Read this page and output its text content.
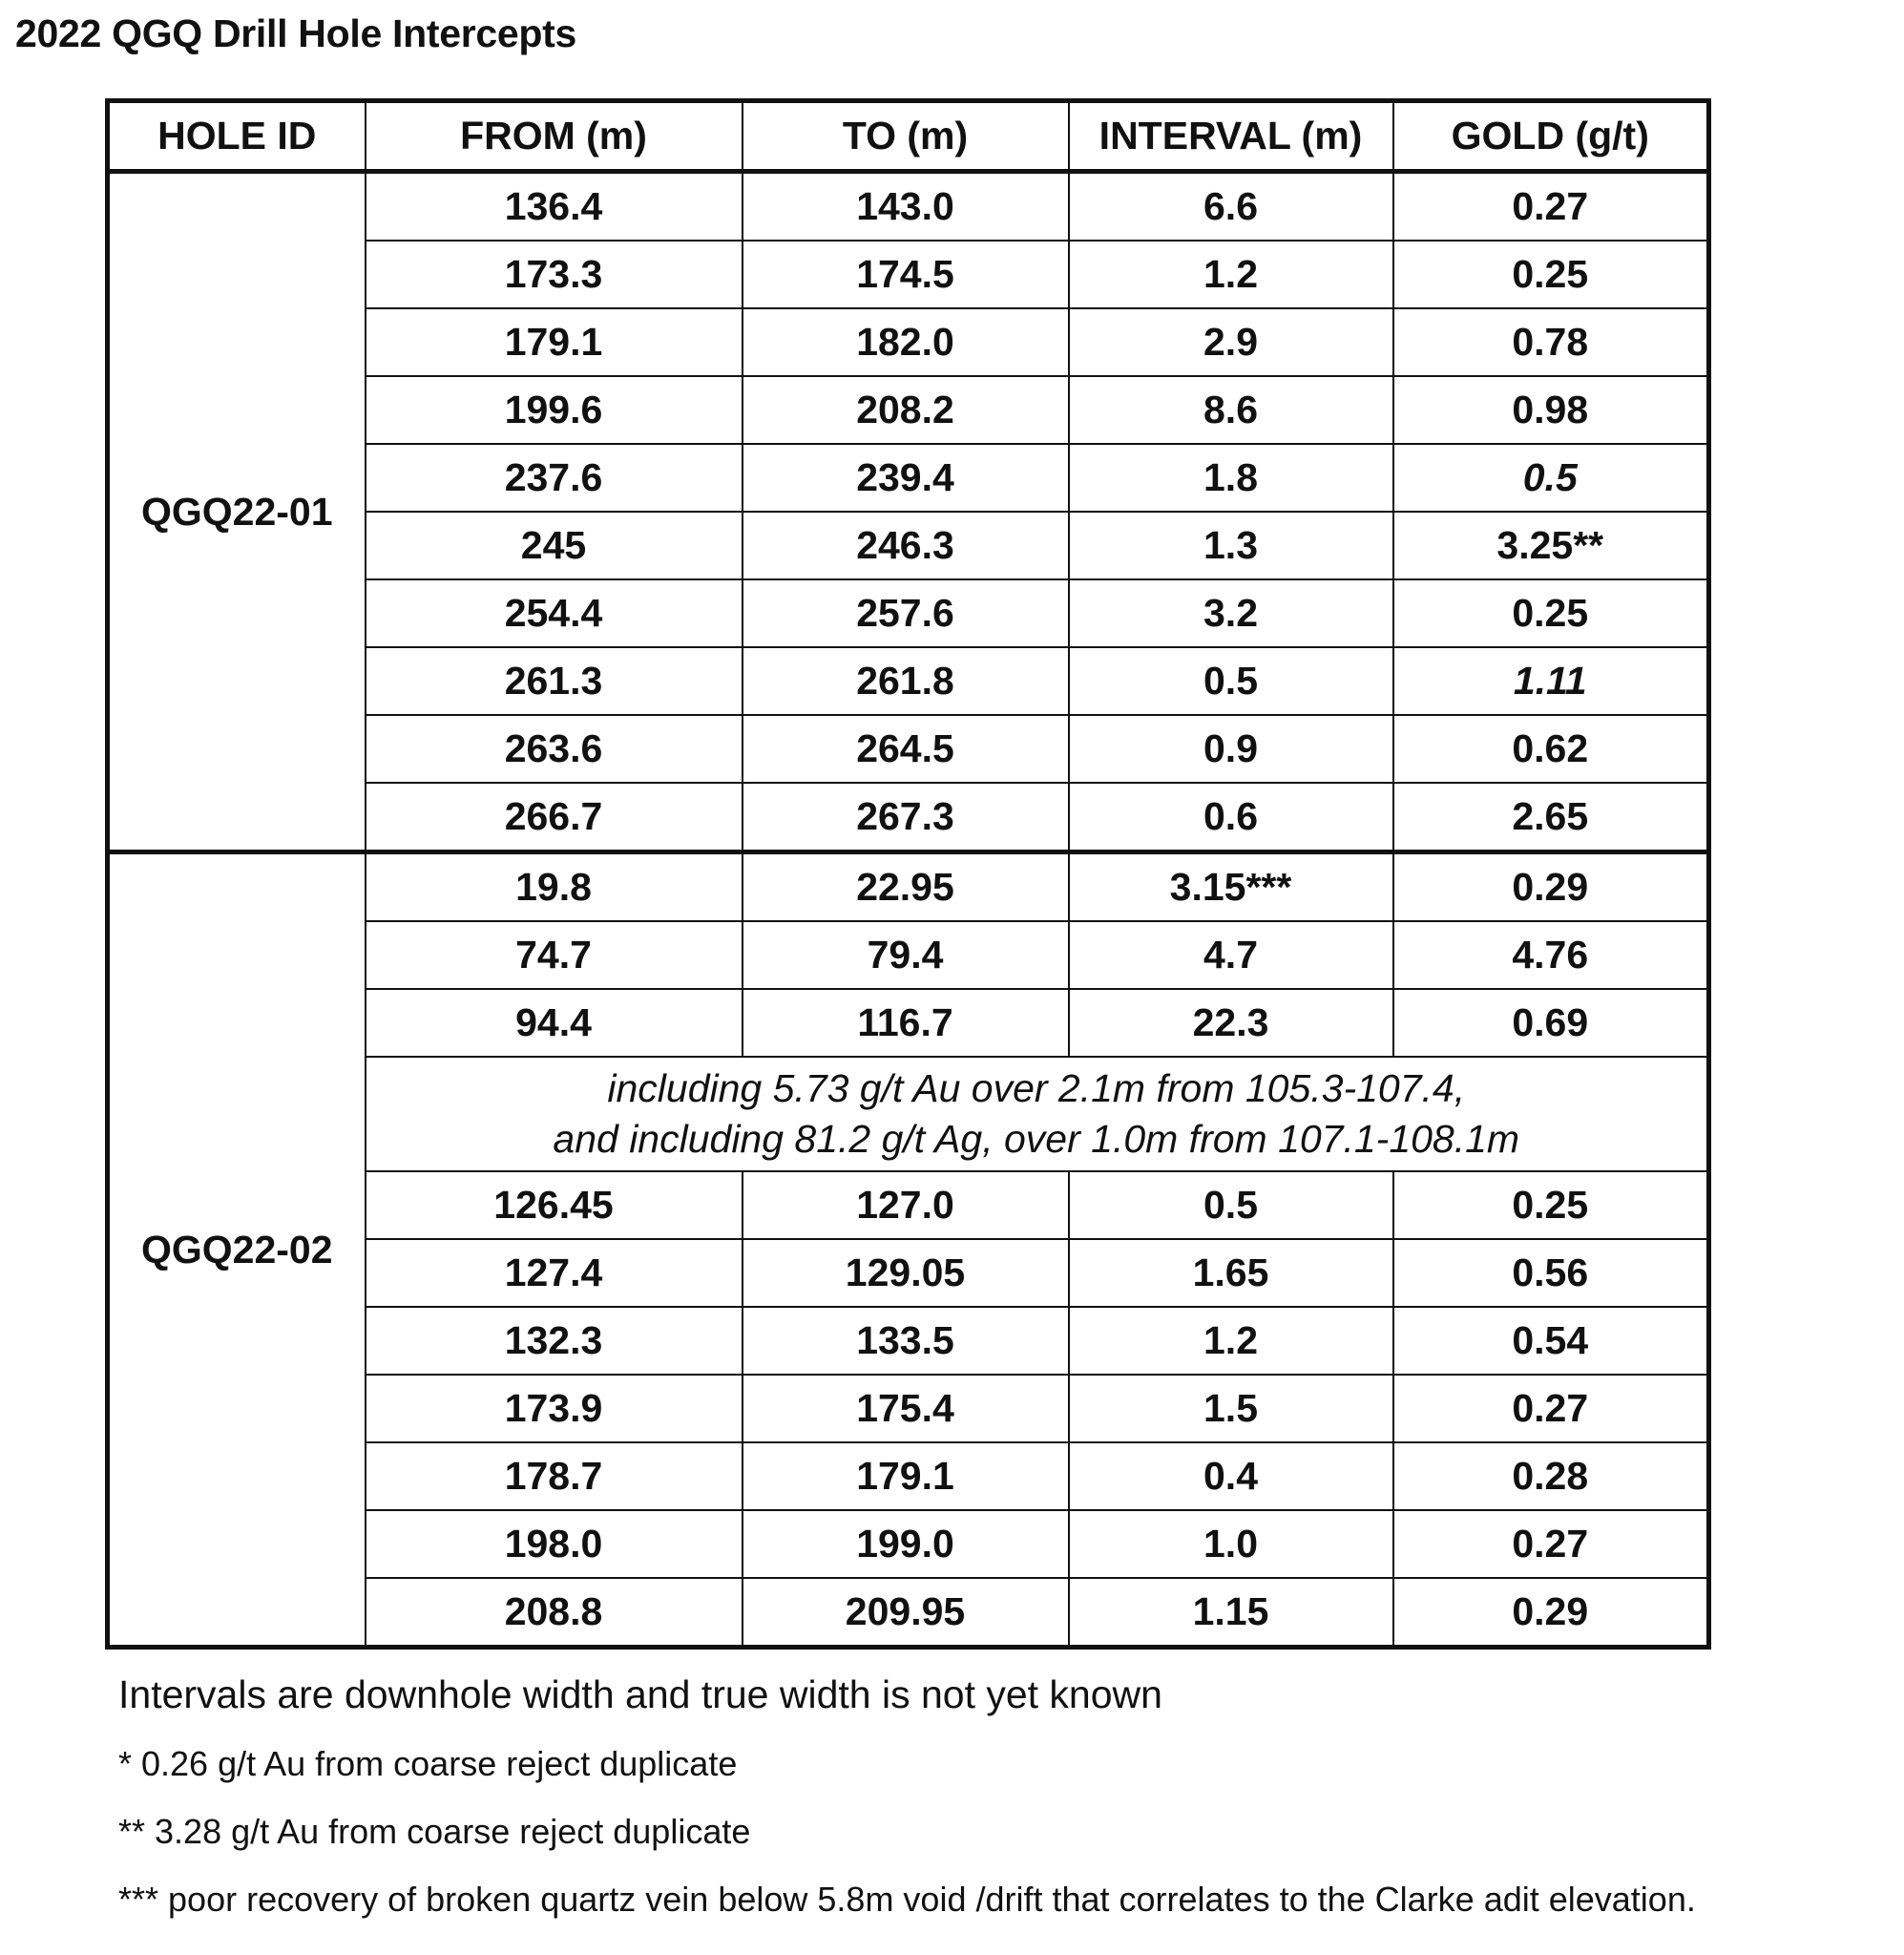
2022 QGQ Drill Hole Intercepts
HOLE ID	FROM (m)	TO (m)	INTERVAL (m)	GOLD (g/t)
QGQ22-01	136.4	143.0	6.6	0.27
	173.3	174.5	1.2	0.25
	179.1	182.0	2.9	0.78
	199.6	208.2	8.6	0.98
	237.6	239.4	1.8	0.5
	245	246.3	1.3	3.25**
	254.4	257.6	3.2	0.25
	261.3	261.8	0.5	1.11
	263.6	264.5	0.9	0.62
	266.7	267.3	0.6	2.65
QGQ22-02	19.8	22.95	3.15***	0.29
	74.7	79.4	4.7	4.76
	94.4	116.7	22.3	0.69

	including 5.73 g/t Au over 2.1m from 105.3-107.4,
and including 81.2 g/t Ag, over 1.0m from 107.1-108.1m			

	126.45	127.0	0.5	0.25
	127.4	129.05	1.65	0.56
	132.3	133.5	1.2	0.54
	173.9	175.4	1.5	0.27
	178.7	179.1	0.4	0.28
	198.0	199.0	1.0	0.27
	208.8	209.95	1.15	0.29
Intervals are downhole width and true width is not yet known
* 0.26 g/t Au from coarse reject duplicate
** 3.28 g/t Au from coarse reject duplicate
*** poor recovery of broken quartz vein below 5.8m void /drift that correlates to the Clarke adit elevation.
